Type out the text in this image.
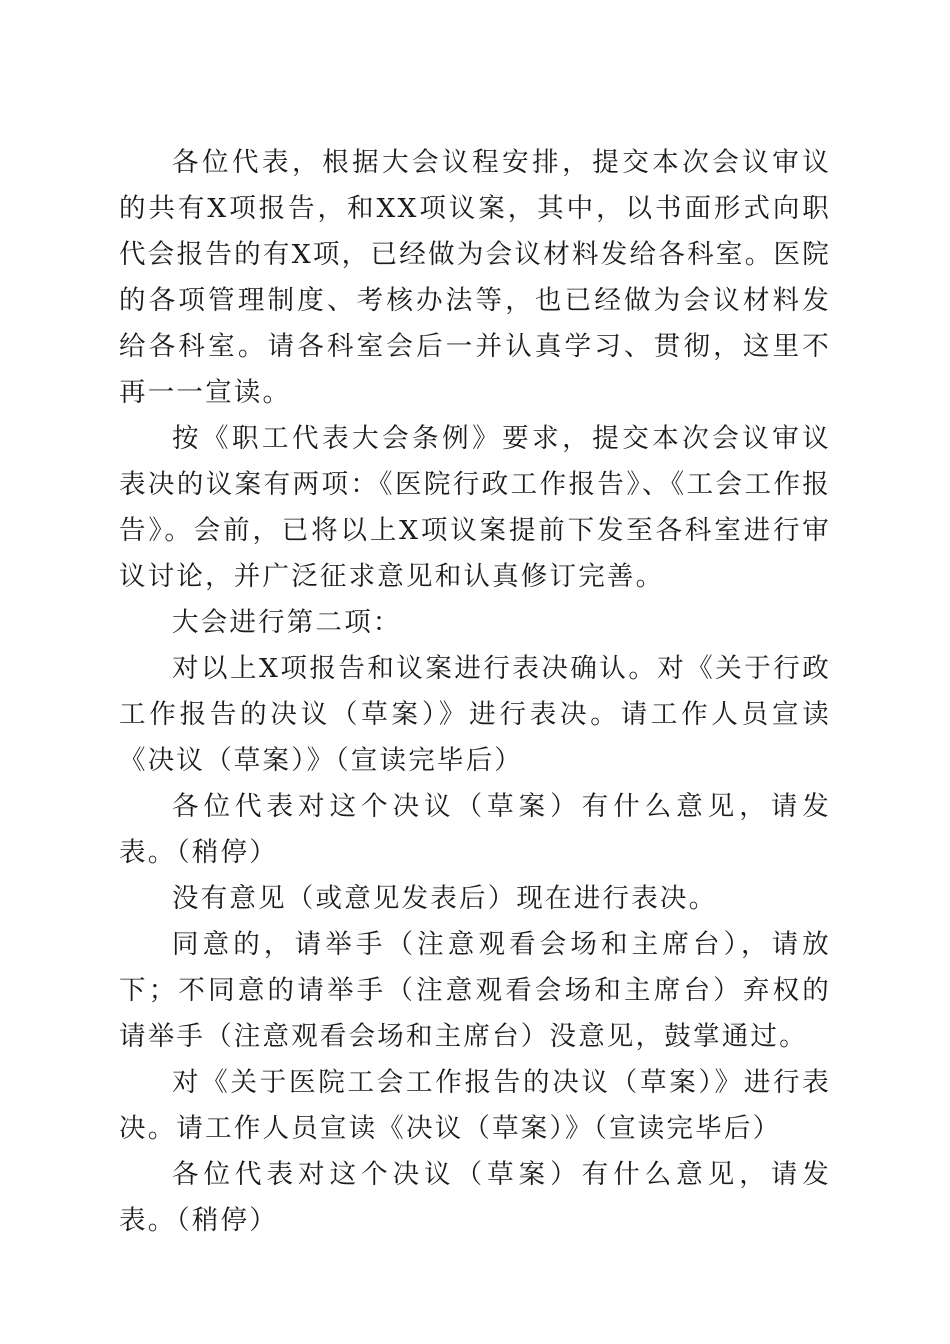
各位代表，根据大会议程安排，提交本次会议审议的共有X项报告，和XX项议案，其中，以书面形式向职代会报告的有X项，已经做为会议材料发给各科室。医院的各项管理制度、考核办法等，也已经做为会议材料发给各科室。请各科室会后一并认真学习、贯彻，这里不再一一宣读。

按《职工代表大会条例》要求，提交本次会议审议表决的议案有两项：《医院行政工作报告》、《工会工作报告》。会前，已将以上X项议案提前下发至各科室进行审议讨论，并广泛征求意见和认真修订完善。

大会进行第二项：

对以上X项报告和议案进行表决确认。对《关于行政工作报告的决议（草案）》进行表决。请工作人员宣读《决议（草案）》（宣读完毕后）

各位代表对这个决议（草案）有什么意见，请发表。（稍停）

没有意见（或意见发表后）现在进行表决。

同意的，请举手（注意观看会场和主席台），请放下；不同意的请举手（注意观看会场和主席台）弃权的请举手（注意观看会场和主席台）没意见，鼓掌通过。

对《关于医院工会工作报告的决议（草案）》进行表决。请工作人员宣读《决议（草案）》（宣读完毕后）

各位代表对这个决议（草案）有什么意见，请发表。（稍停）
